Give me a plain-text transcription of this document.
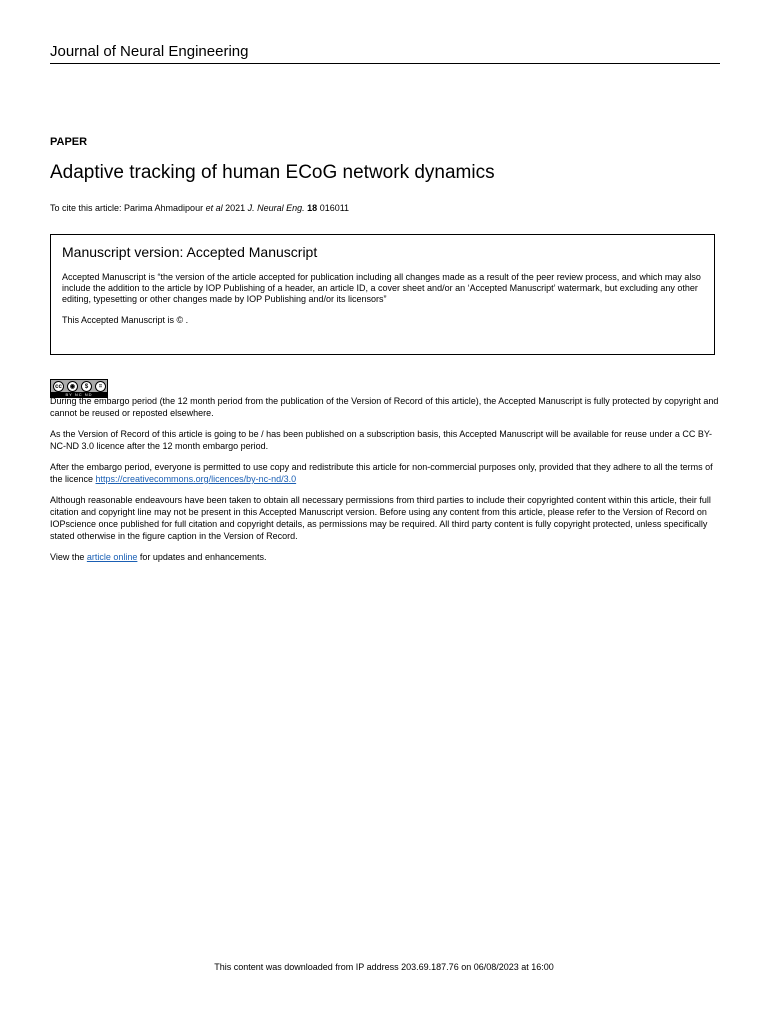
Journal of Neural Engineering
PAPER
Adaptive tracking of human ECoG network dynamics
To cite this article: Parima Ahmadipour et al 2021 J. Neural Eng. 18 016011
Manuscript version: Accepted Manuscript
Accepted Manuscript is “the version of the article accepted for publication including all changes made as a result of the peer review process, and which may also include the addition to the article by IOP Publishing of a header, an article ID, a cover sheet and/or an ‘Accepted Manuscript’ watermark, but excluding any other editing, typesetting or other changes made by IOP Publishing and/or its licensors”
This Accepted Manuscript is © .
cc	◉	$	=
BY NC ND

During the embargo period (the 12 month period from the publication of the Version of Record of this article), the Accepted Manuscript is fully protected by copyright and cannot be reused or reposted elsewhere.

As the Version of Record of this article is going to be / has been published on a subscription basis, this Accepted Manuscript will be available for reuse under a CC BY-NC-ND 3.0 licence after the 12 month embargo period.

After the embargo period, everyone is permitted to use copy and redistribute this article for non-commercial purposes only, provided that they adhere to all the terms of the licence https://creativecommons.org/licences/by-nc-nd/3.0

Although reasonable endeavours have been taken to obtain all necessary permissions from third parties to include their copyrighted content within this article, their full citation and copyright line may not be present in this Accepted Manuscript version. Before using any content from this article, please refer to the Version of Record on IOPscience once published for full citation and copyright details, as permissions may be required. All third party content is fully copyright protected, unless specifically stated otherwise in the figure caption in the Version of Record.

View the article online for updates and enhancements.

This content was downloaded from IP address 203.69.187.76 on 06/08/2023 at 16:00
